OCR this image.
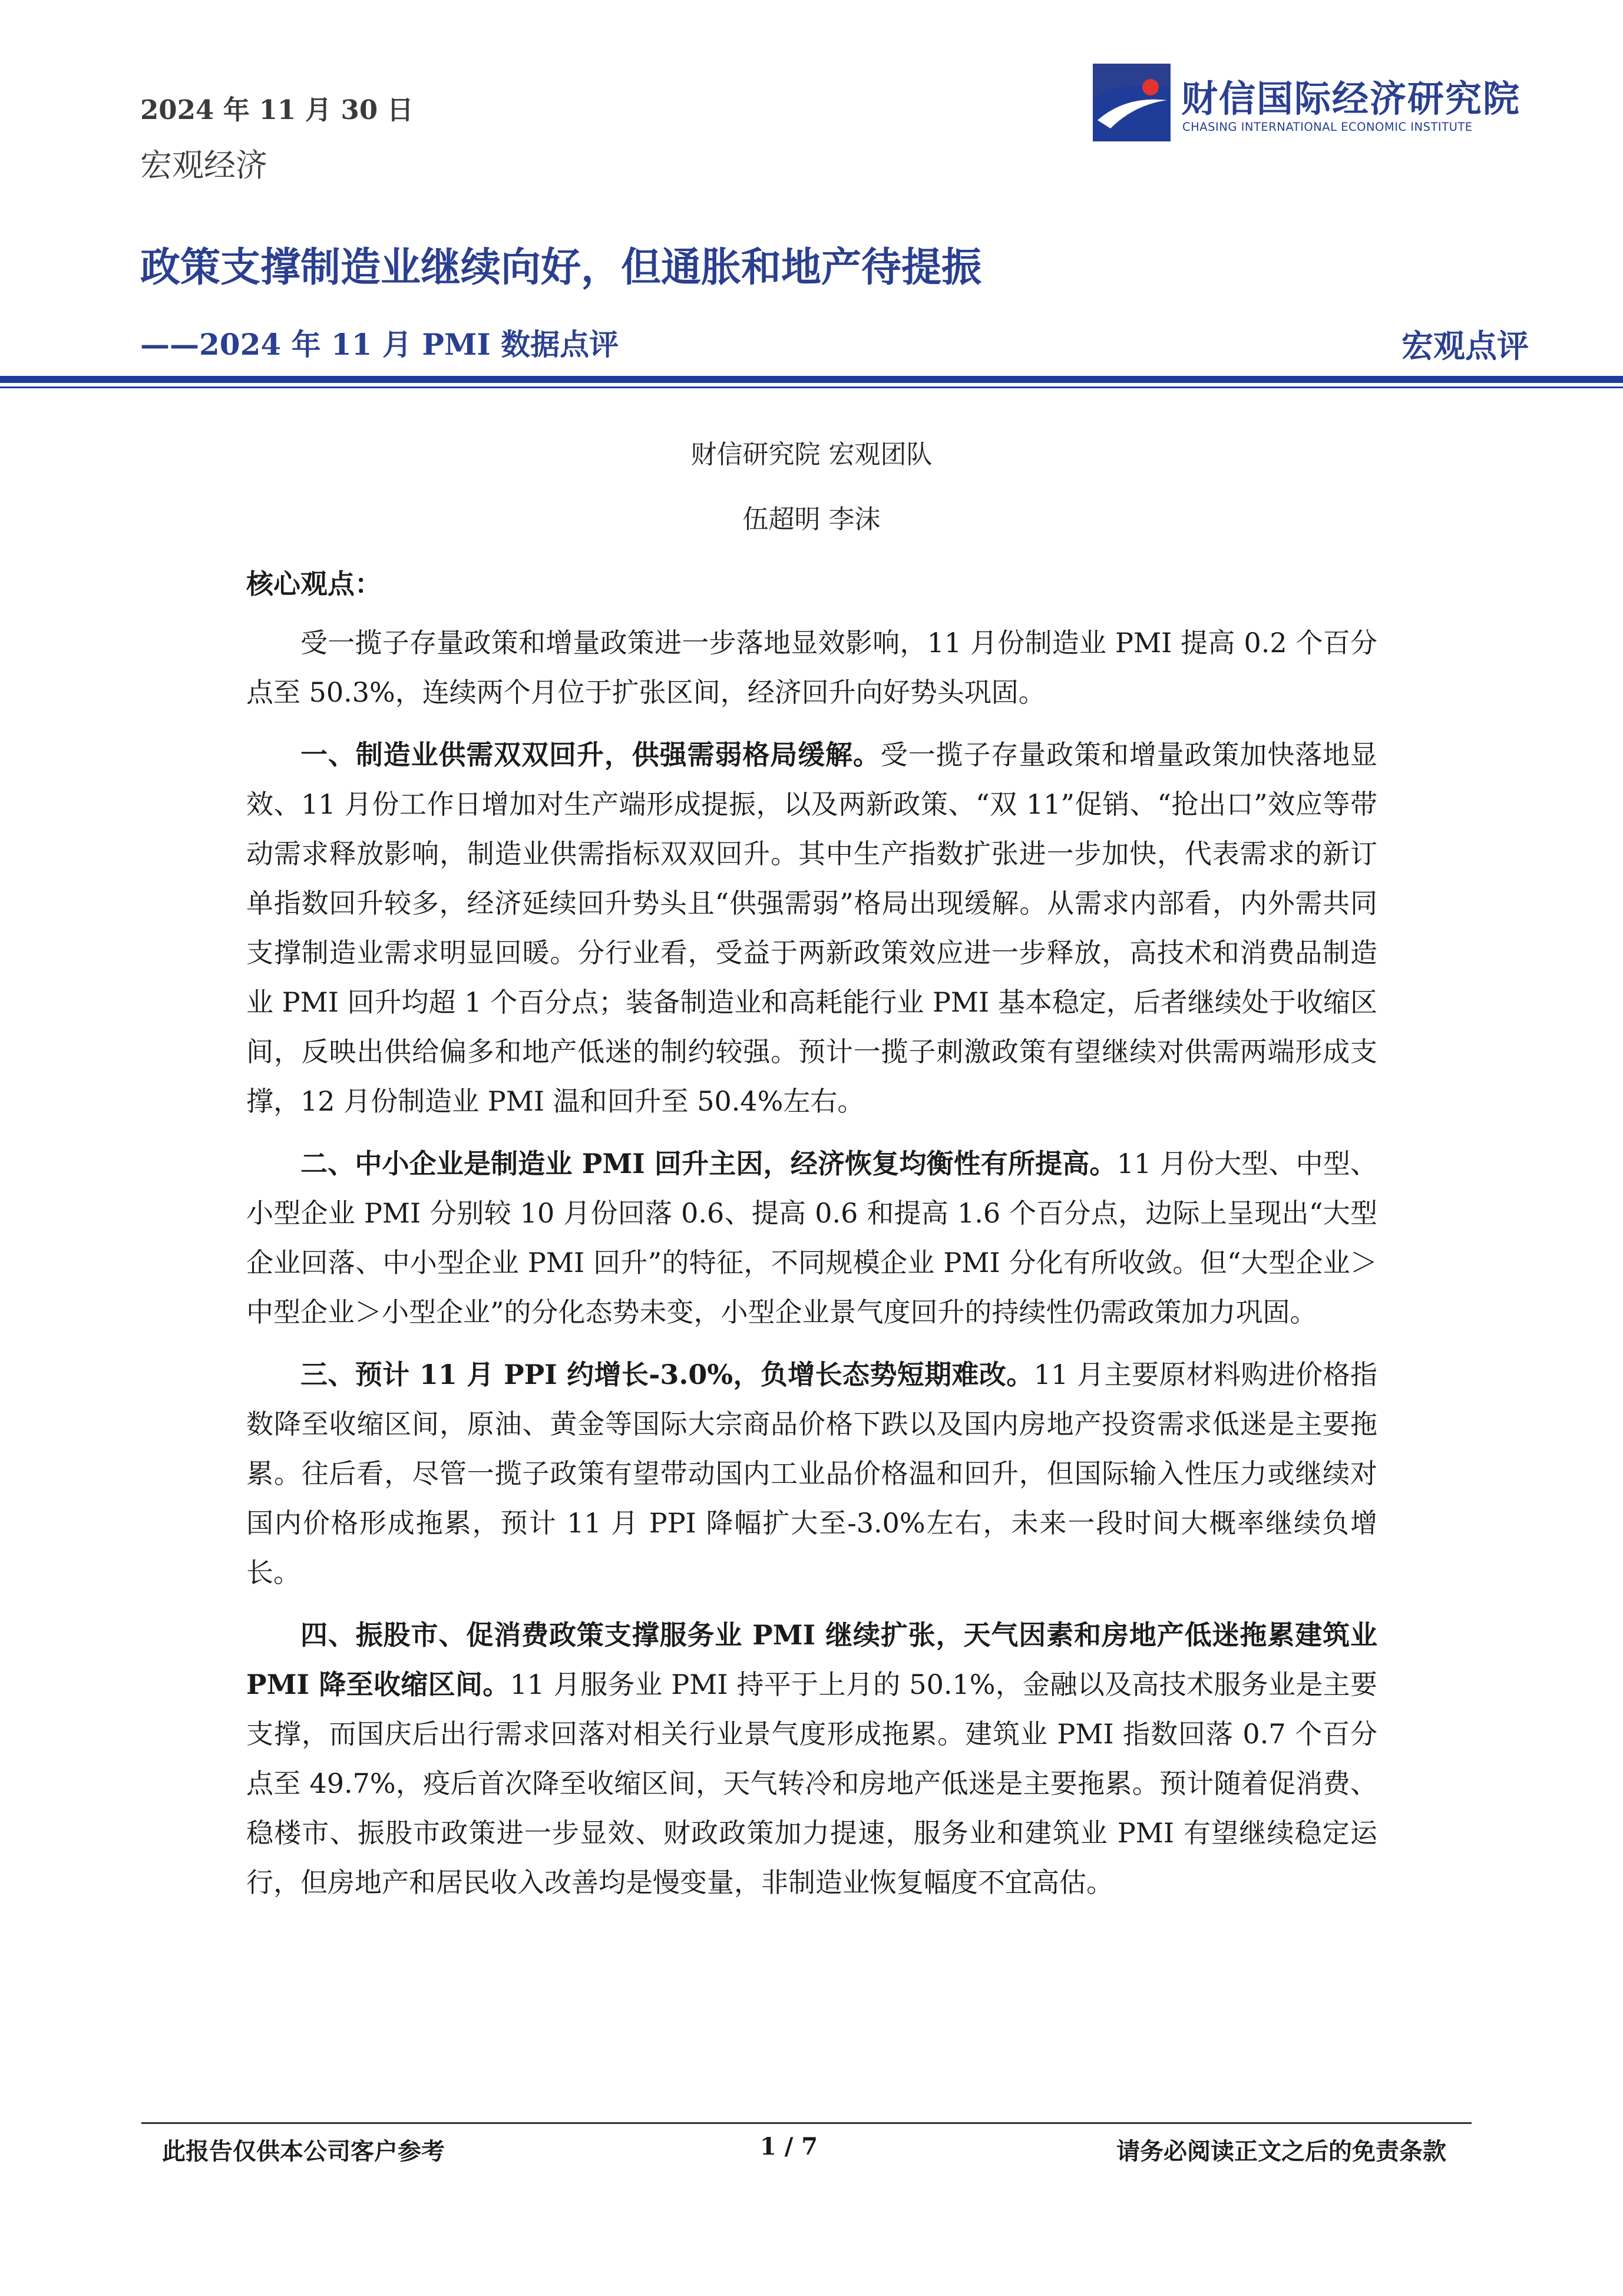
2024 年 11 月 30 日
宏观经济
财信国际经济研究院
CHASING INTERNATIONAL ECONOMIC INSTITUTE
政策支撑制造业继续向好，但通胀和地产待提振
——2024 年 11 月 PMI 数据点评	宏观点评
财信研究院 宏观团队
伍超明 李沫
核心观点：

受一揽子存量政策和增量政策进一步落地显效影响，11 月份制造业 PMI 提高 0.2 个百分点至 50.3%，连续两个月位于扩张区间，经济回升向好势头巩固。

一、制造业供需双双回升，供强需弱格局缓解。受一揽子存量政策和增量政策加快落地显效、11 月份工作日增加对生产端形成提振，以及两新政策、“双 11”促销、“抢出口”效应等带动需求释放影响，制造业供需指标双双回升。其中生产指数扩张进一步加快，代表需求的新订单指数回升较多，经济延续回升势头且“供强需弱”格局出现缓解。从需求内部看，内外需共同支撑制造业需求明显回暖。分行业看，受益于两新政策效应进一步释放，高技术和消费品制造业 PMI 回升均超 1 个百分点；装备制造业和高耗能行业 PMI 基本稳定，后者继续处于收缩区间，反映出供给偏多和地产低迷的制约较强。预计一揽子刺激政策有望继续对供需两端形成支撑，12 月份制造业 PMI 温和回升至 50.4%左右。

二、中小企业是制造业 PMI 回升主因，经济恢复均衡性有所提高。11 月份大型、中型、小型企业 PMI 分别较 10 月份回落 0.6、提高 0.6 和提高 1.6 个百分点，边际上呈现出“大型企业回落、中小型企业 PMI 回升”的特征，不同规模企业 PMI 分化有所收敛。但“大型企业＞中型企业＞小型企业”的分化态势未变，小型企业景气度回升的持续性仍需政策加力巩固。

三、预计 11 月 PPI 约增长-3.0%，负增长态势短期难改。11 月主要原材料购进价格指数降至收缩区间，原油、黄金等国际大宗商品价格下跌以及国内房地产投资需求低迷是主要拖累。往后看，尽管一揽子政策有望带动国内工业品价格温和回升，但国际输入性压力或继续对国内价格形成拖累，预计 11 月 PPI 降幅扩大至-3.0%左右，未来一段时间大概率继续负增长。

四、振股市、促消费政策支撑服务业 PMI 继续扩张，天气因素和房地产低迷拖累建筑业 PMI 降至收缩区间。11 月服务业 PMI 持平于上月的 50.1%，金融以及高技术服务业是主要支撑，而国庆后出行需求回落对相关行业景气度形成拖累。建筑业 PMI 指数回落 0.7 个百分点至 49.7%，疫后首次降至收缩区间，天气转冷和房地产低迷是主要拖累。预计随着促消费、稳楼市、振股市政策进一步显效、财政政策加力提速，服务业和建筑业 PMI 有望继续稳定运行，但房地产和居民收入改善均是慢变量，非制造业恢复幅度不宜高估。

此报告仅供本公司客户参考	1 / 7	请务必阅读正文之后的免责条款
